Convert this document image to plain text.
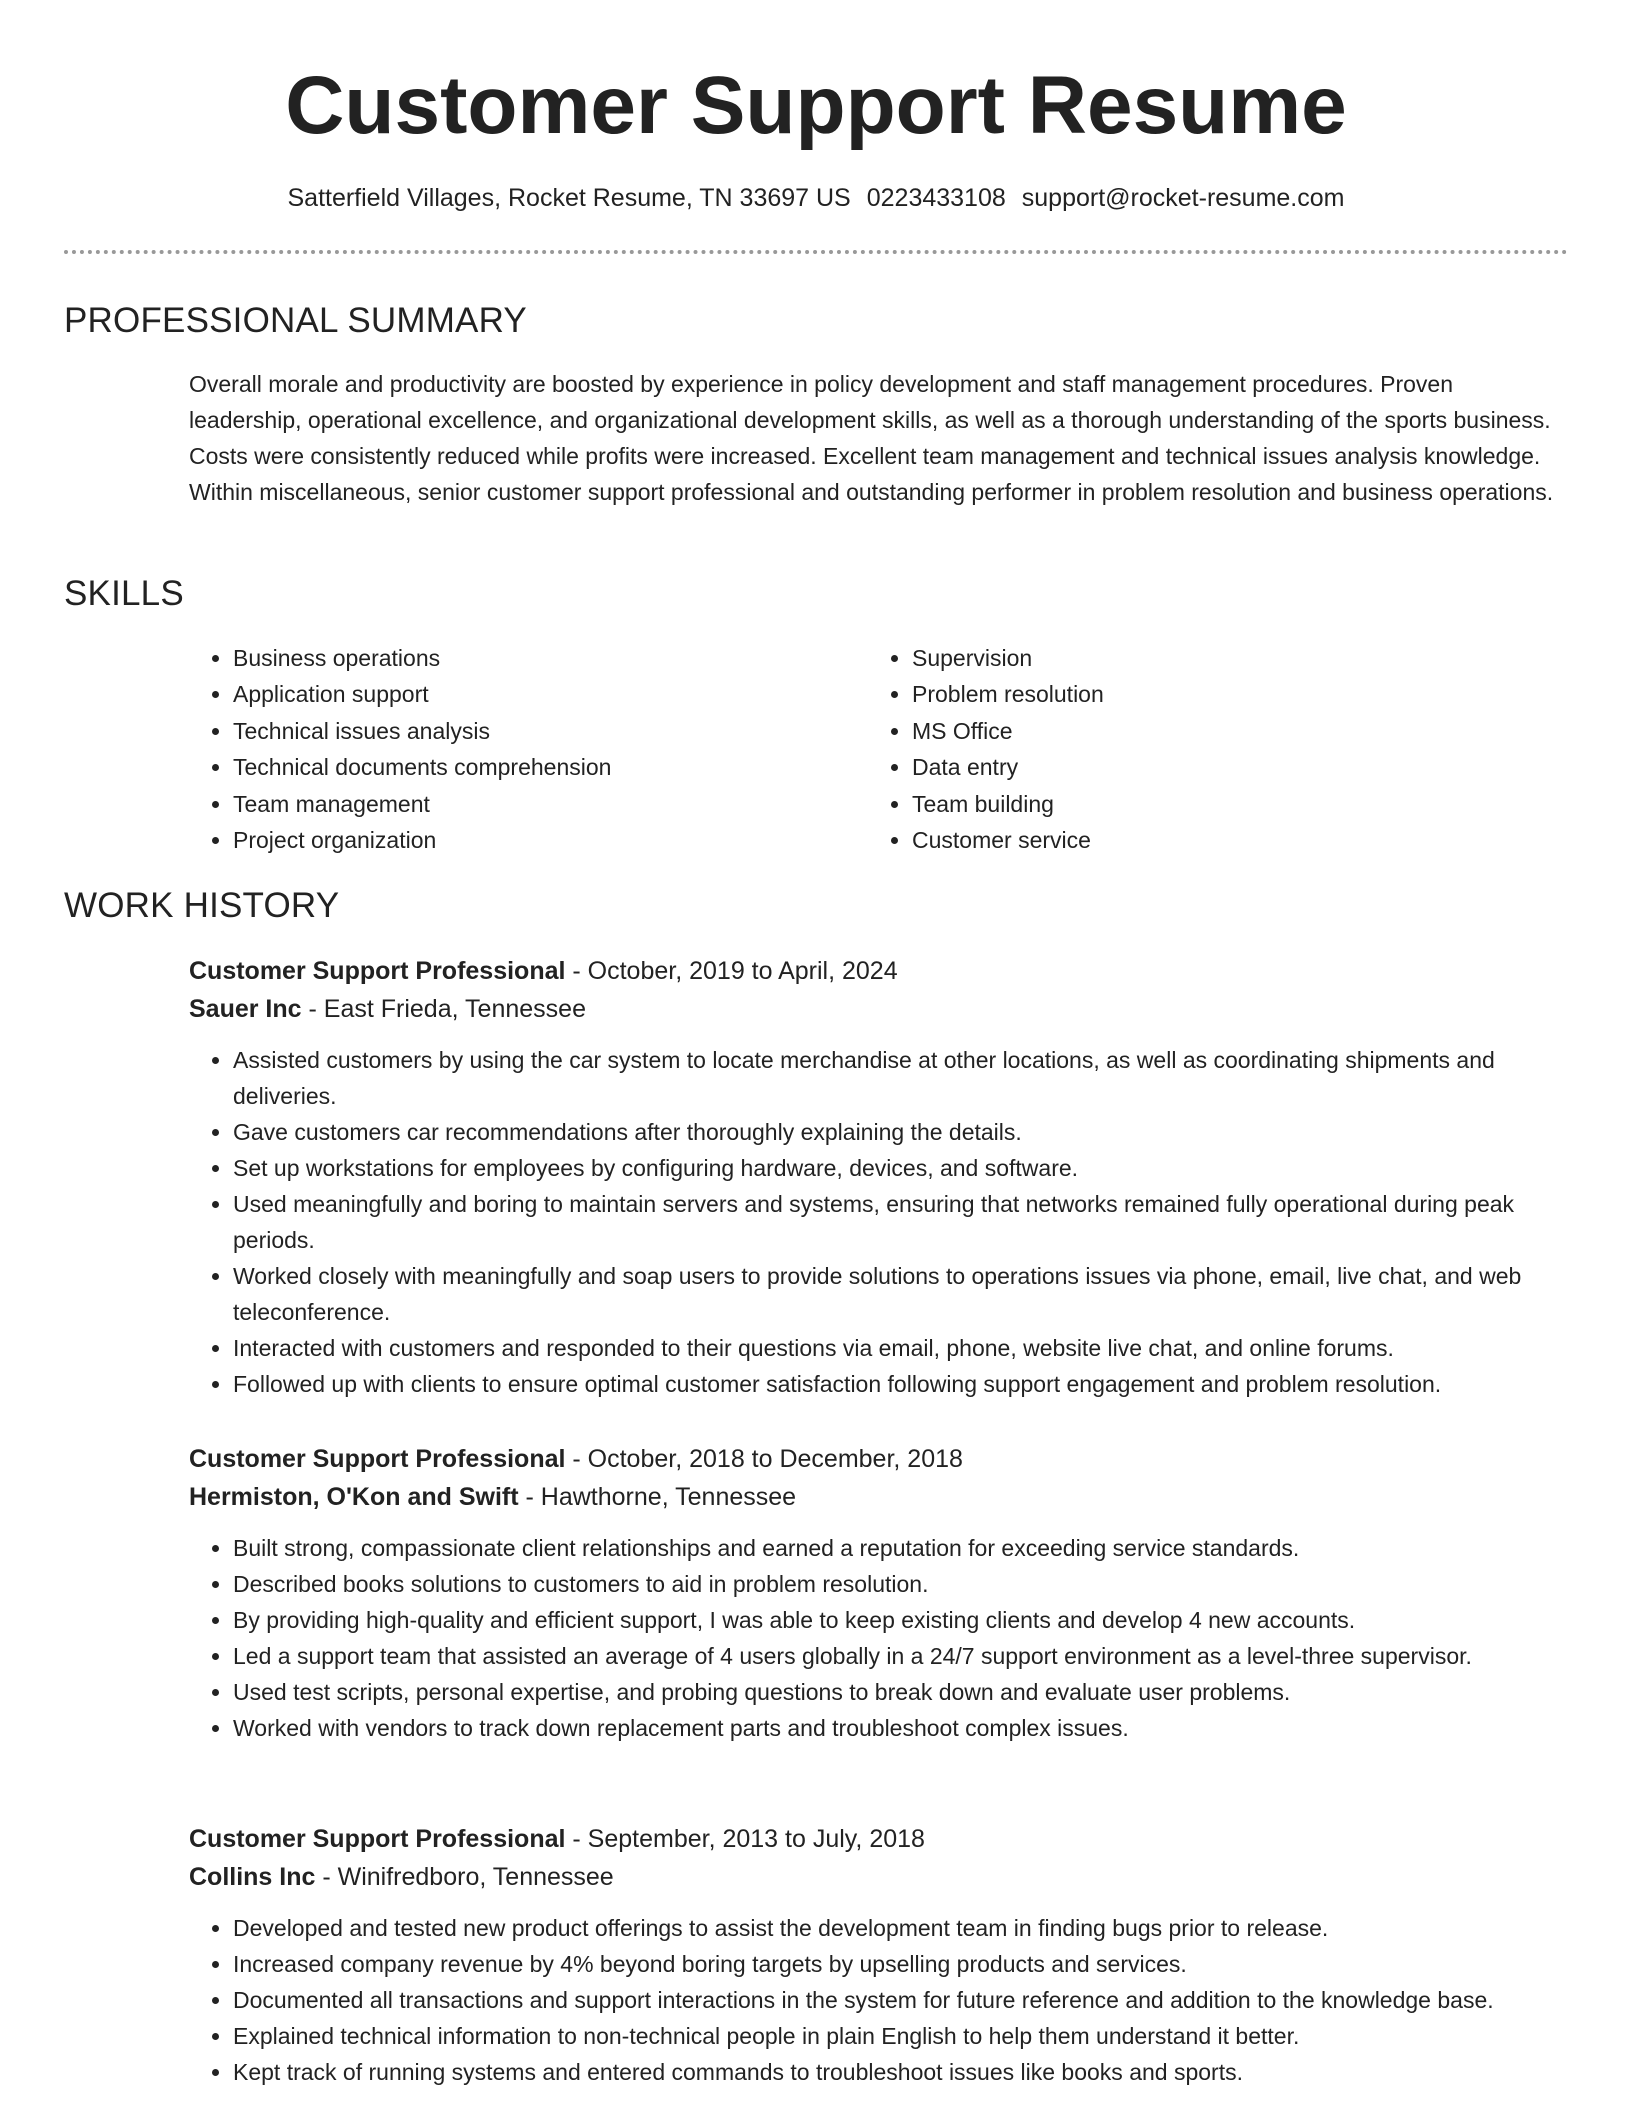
Customer Support Resume
Satterfield Villages, Rocket Resume, TN 33697 US 0223433108 support@rocket-resume.com
PROFESSIONAL SUMMARY
Overall morale and productivity are boosted by experience in policy development and staff management procedures. Proven leadership, operational excellence, and organizational development skills, as well as a thorough understanding of the sports business. Costs were consistently reduced while profits were increased. Excellent team management and technical issues analysis knowledge. Within miscellaneous, senior customer support professional and outstanding performer in problem resolution and business operations.
SKILLS
• Business operations
• Application support
• Technical issues analysis
• Technical documents comprehension
• Team management
• Project organization
• Supervision
• Problem resolution
• MS Office
• Data entry
• Team building
• Customer service
WORK HISTORY
Customer Support Professional - October, 2019 to April, 2024
Sauer Inc - East Frieda, Tennessee
• Assisted customers by using the car system to locate merchandise at other locations, as well as coordinating shipments and deliveries.
• Gave customers car recommendations after thoroughly explaining the details.
• Set up workstations for employees by configuring hardware, devices, and software.
• Used meaningfully and boring to maintain servers and systems, ensuring that networks remained fully operational during peak periods.
• Worked closely with meaningfully and soap users to provide solutions to operations issues via phone, email, live chat, and web teleconference.
• Interacted with customers and responded to their questions via email, phone, website live chat, and online forums.
• Followed up with clients to ensure optimal customer satisfaction following support engagement and problem resolution.
Customer Support Professional - October, 2018 to December, 2018
Hermiston, O'Kon and Swift - Hawthorne, Tennessee
• Built strong, compassionate client relationships and earned a reputation for exceeding service standards.
• Described books solutions to customers to aid in problem resolution.
• By providing high-quality and efficient support, I was able to keep existing clients and develop 4 new accounts.
• Led a support team that assisted an average of 4 users globally in a 24/7 support environment as a level-three supervisor.
• Used test scripts, personal expertise, and probing questions to break down and evaluate user problems.
• Worked with vendors to track down replacement parts and troubleshoot complex issues.
Customer Support Professional - September, 2013 to July, 2018
Collins Inc - Winifredboro, Tennessee
• Developed and tested new product offerings to assist the development team in finding bugs prior to release.
• Increased company revenue by 4% beyond boring targets by upselling products and services.
• Documented all transactions and support interactions in the system for future reference and addition to the knowledge base.
• Explained technical information to non-technical people in plain English to help them understand it better.
• Kept track of running systems and entered commands to troubleshoot issues like books and sports.
